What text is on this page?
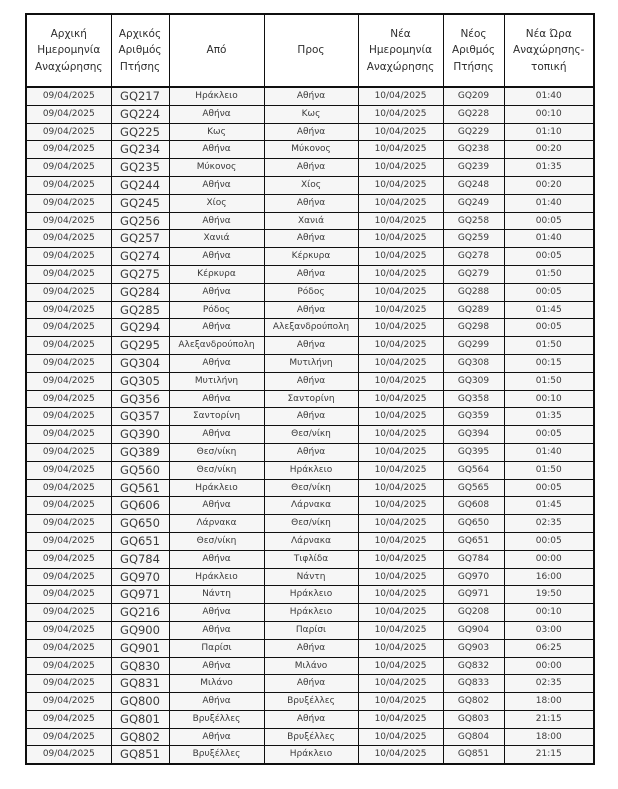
Αρχική Ημερομηνία Αναχώρησης	Αρχικός Αριθμός Πτήσης	Από	Προς	Νέα Ημερομηνία Αναχώρησης	Νέος Αριθμός Πτήσης	Νέα Ώρα Αναχώρησης-τοπική
09/04/2025	GQ217	Ηράκλειο	Αθήνα	10/04/2025	GQ209	01:40
09/04/2025	GQ224	Αθήνα	Κως	10/04/2025	GQ228	00:10
09/04/2025	GQ225	Κως	Αθήνα	10/04/2025	GQ229	01:10
09/04/2025	GQ234	Αθήνα	Μύκονος	10/04/2025	GQ238	00:20
09/04/2025	GQ235	Μύκονος	Αθήνα	10/04/2025	GQ239	01:35
09/04/2025	GQ244	Αθήνα	Χίος	10/04/2025	GQ248	00:20
09/04/2025	GQ245	Χίος	Αθήνα	10/04/2025	GQ249	01:40
09/04/2025	GQ256	Αθήνα	Χανιά	10/04/2025	GQ258	00:05
09/04/2025	GQ257	Χανιά	Αθήνα	10/04/2025	GQ259	01:40
09/04/2025	GQ274	Αθήνα	Κέρκυρα	10/04/2025	GQ278	00:05
09/04/2025	GQ275	Κέρκυρα	Αθήνα	10/04/2025	GQ279	01:50
09/04/2025	GQ284	Αθήνα	Ρόδος	10/04/2025	GQ288	00:05
09/04/2025	GQ285	Ρόδος	Αθήνα	10/04/2025	GQ289	01:45
09/04/2025	GQ294	Αθήνα	Αλεξανδρούπολη	10/04/2025	GQ298	00:05
09/04/2025	GQ295	Αλεξανδρούπολη	Αθήνα	10/04/2025	GQ299	01:50
09/04/2025	GQ304	Αθήνα	Μυτιλήνη	10/04/2025	GQ308	00:15
09/04/2025	GQ305	Μυτιλήνη	Αθήνα	10/04/2025	GQ309	01:50
09/04/2025	GQ356	Αθήνα	Σαντορίνη	10/04/2025	GQ358	00:10
09/04/2025	GQ357	Σαντορίνη	Αθήνα	10/04/2025	GQ359	01:35
09/04/2025	GQ390	Αθήνα	Θεσ/νίκη	10/04/2025	GQ394	00:05
09/04/2025	GQ389	Θεσ/νίκη	Αθήνα	10/04/2025	GQ395	01:40
09/04/2025	GQ560	Θεσ/νίκη	Ηράκλειο	10/04/2025	GQ564	01:50
09/04/2025	GQ561	Ηράκλειο	Θεσ/νίκη	10/04/2025	GQ565	00:05
09/04/2025	GQ606	Αθήνα	Λάρνακα	10/04/2025	GQ608	01:45
09/04/2025	GQ650	Λάρνακα	Θεσ/νίκη	10/04/2025	GQ650	02:35
09/04/2025	GQ651	Θεσ/νίκη	Λάρνακα	10/04/2025	GQ651	00:05
09/04/2025	GQ784	Αθήνα	Τιφλίδα	10/04/2025	GQ784	00:00
09/04/2025	GQ970	Ηράκλειο	Νάντη	10/04/2025	GQ970	16:00
09/04/2025	GQ971	Νάντη	Ηράκλειο	10/04/2025	GQ971	19:50
09/04/2025	GQ216	Αθήνα	Ηράκλειο	10/04/2025	GQ208	00:10
09/04/2025	GQ900	Αθήνα	Παρίσι	10/04/2025	GQ904	03:00
09/04/2025	GQ901	Παρίσι	Αθήνα	10/04/2025	GQ903	06:25
09/04/2025	GQ830	Αθήνα	Μιλάνο	10/04/2025	GQ832	00:00
09/04/2025	GQ831	Μιλάνο	Αθήνα	10/04/2025	GQ833	02:35
09/04/2025	GQ800	Αθήνα	Βρυξέλλες	10/04/2025	GQ802	18:00
09/04/2025	GQ801	Βρυξέλλες	Αθήνα	10/04/2025	GQ803	21:15
09/04/2025	GQ802	Αθήνα	Βρυξέλλες	10/04/2025	GQ804	18:00
09/04/2025	GQ851	Βρυξέλλες	Ηράκλειο	10/04/2025	GQ851	21:15
